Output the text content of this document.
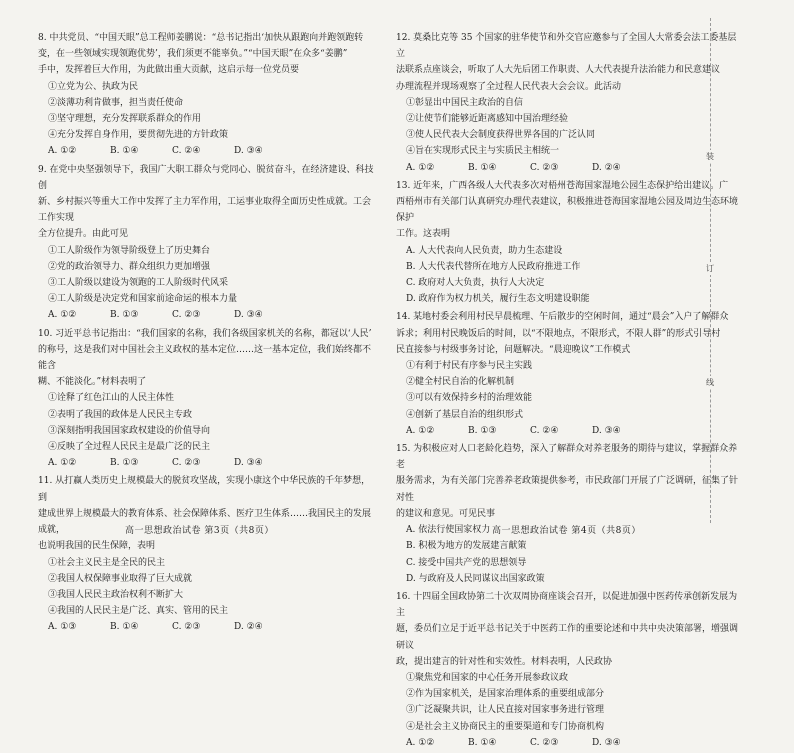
8. 中共党员、“中国天眼”总工程师姜鹏说：“总书记指出‘加快从跟跑向并跑领跑转
变，在一些领域实现领跑优势’，我们须更不能辜负。”“中国天眼”在众多“姜鹏”
手中，发挥着巨大作用，为此做出重大贡献，这启示每一位党员要
①立党为公、执政为民
②淡薄功利肯做事，担当责任使命
③坚守理想，充分发挥联系群众的作用
④充分发挥自身作用，要贯彻先进的方针政策
A. ①②	B. ①④	C. ②④	D. ③④
9. 在党中央坚强领导下，我国广大职工群众与党同心、脱贫奋斗，在经济建设、科技创
新、乡村振兴等重大工作中发挥了主力军作用，工运事业取得全面历史性成就。工会工作实现
全方位提升。由此可见
①工人阶级作为领导阶级登上了历史舞台
②党的政治领导力、群众组织力更加增强
③工人阶级以建设为领跑的工人阶级时代风采
④工人阶级是决定党和国家前途命运的根本力量
A. ①②	B. ①③	C. ②③	D. ③④
10. 习近平总书记指出：“我们国家的名称，我们各级国家机关的名称，都冠以‘人民’
的称号，这是我们对中国社会主义政权的基本定位……这一基本定位，我们始终都不能含
糊、不能淡化。”材料表明了
①诠释了红色江山的人民主体性
②表明了我国的政体是人民民主专政
③深刻指明我国国家政权建设的价值导向
④反映了全过程人民民主是最广泛的民主
A. ①②	B. ①③	C. ②③	D. ③④
11. 从打赢人类历史上规模最大的脱贫攻坚战，实现小康这个中华民族的千年梦想，到
建成世界上规模最大的教育体系、社会保障体系、医疗卫生体系……我国民主的发展成就，
也说明我国的民生保障，表明
①社会主义民主是全民的民主
②我国人权保障事业取得了巨大成就
③我国人民民主政治权利不断扩大
④我国的人民民主是广泛、真实、管用的民主
A. ①③	B. ①④	C. ②③	D. ②④
12. 莫桑比克等 35 个国家的驻华使节和外交官应邀参与了全国人大常委会法工委基层立
法联系点座谈会，听取了人大先后团工作职责、人大代表提升法治能力和民意建议
办理流程并现场观察了全过程人民代表大会会议。此活动
①彰显出中国民主政治的自信
②让使节们能够近距离感知中国治理经验
③使人民代表大会制度获得世界各国的广泛认同
④旨在实现形式民主与实质民主相统一
A. ①②	B. ①④	C. ②③	D. ②④
13. 近年来，广西各级人大代表多次对梧州苍海国家湿地公园生态保护给出建议。广
西梧州市有关部门认真研究办理代表建议，积极推进苍海国家湿地公园及周边生态环境保护
工作。这表明
A. 人大代表向人民负责，助力生态建设
B. 人大代表代替所在地方人民政府推进工作
C. 政府对人大负责，执行人大决定
D. 政府作为权力机关，履行生态文明建设职能
14. 某地村委会利用村民早晨梳理、午后散步的空闲时间，通过“晨会”入户了解群众
诉求；利用村民晚饭后的时间，以“不限地点，不限形式，不限人群”的形式引导村
民直接参与村级事务讨论，问题解决。“晨迎晚议”工作模式
①有利于村民有序参与民主实践
②健全村民自治的化解机制
③可以有效保持乡村的治理效能
④创新了基层自治的组织形式
A. ①②	B. ①③	C. ②④	D. ③④
15. 为积极应对人口老龄化趋势，深入了解群众对养老服务的期待与建议，掌握群众养老
服务需求，为有关部门完善养老政策提供参考，市民政部门开展了广泛调研，征集了针对性
的建议和意见。可见民事
A. 依法行使国家权力
B. 积极为地方的发展建言献策
C. 接受中国共产党的思想领导
D. 与政府及人民同谋议出国家政策
16. 十四届全国政协第二十次双周协商座谈会召开，以促进加强中医药传承创新发展为主
题，委员们立足于近平总书记关于中医药工作的重要论述和中共中央决策部署，增强调研议
政，提出建言的针对性和实效性。材料表明，人民政协
①聚焦党和国家的中心任务开展参政议政
②作为国家机关，是国家治理体系的重要组成部分
③广泛凝聚共识，让人民直接对国家事务进行管理
④是社会主义协商民主的重要渠道和专门协商机构
A. ①②	B. ①④	C. ②③	D. ③④
装
订
线
高一思想政治试卷 第3页（共8页）	高一思想政治试卷 第4页（共8页）
